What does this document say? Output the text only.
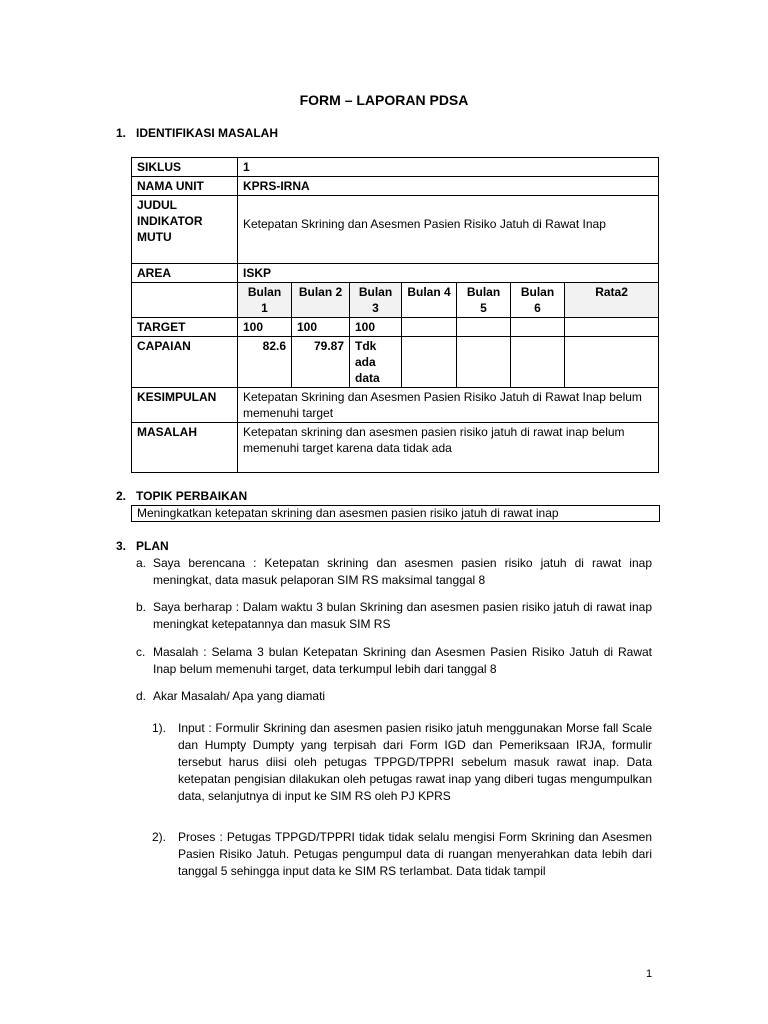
FORM – LAPORAN PDSA
1. IDENTIFIKASI MASALAH
SIKLUS	1						
NAMA UNIT	KPRS-IRNA						
JUDUL INDIKATOR MUTU	Ketepatan Skrining dan Asesmen Pasien Risiko Jatuh di Rawat Inap						
AREA	ISKP						
	Bulan 1	Bulan 2	Bulan 3	Bulan 4	Bulan 5	Bulan 6	Rata2
TARGET	100	100	100				
CAPAIAN	82.6	79.87	Tdk ada data				
KESIMPULAN	Ketepatan Skrining dan Asesmen Pasien Risiko Jatuh di Rawat Inap belum memenuhi target						
MASALAH	Ketepatan skrining dan asesmen pasien risiko jatuh di rawat inap belum memenuhi target karena data tidak ada						
2. TOPIK PERBAIKAN
Meningkatkan ketepatan skrining dan asesmen pasien risiko jatuh di rawat inap
3. PLAN
a. Saya berencana : Ketepatan skrining dan asesmen pasien risiko jatuh di rawat inap meningkat, data masuk pelaporan SIM RS maksimal tanggal 8
b. Saya berharap : Dalam waktu 3 bulan Skrining dan asesmen pasien risiko jatuh di rawat inap meningkat ketepatannya dan masuk SIM RS
c. Masalah : Selama 3 bulan Ketepatan Skrining dan Asesmen Pasien Risiko Jatuh di Rawat Inap belum memenuhi target, data terkumpul lebih dari tanggal 8
d. Akar Masalah/ Apa yang diamati
1). Input : Formulir Skrining dan asesmen pasien risiko jatuh menggunakan Morse fall Scale dan Humpty Dumpty yang terpisah dari Form IGD dan Pemeriksaan IRJA, formulir tersebut harus diisi oleh petugas TPPGD/TPPRI sebelum masuk rawat inap. Data ketepatan pengisian dilakukan oleh petugas rawat inap yang diberi tugas mengumpulkan data, selanjutnya di input ke SIM RS oleh PJ KPRS
2). Proses : Petugas TPPGD/TPPRI tidak tidak selalu mengisi Form Skrining dan Asesmen Pasien Risiko Jatuh. Petugas pengumpul data di ruangan menyerahkan data lebih dari tanggal 5 sehingga input data ke SIM RS terlambat. Data tidak tampil
1
